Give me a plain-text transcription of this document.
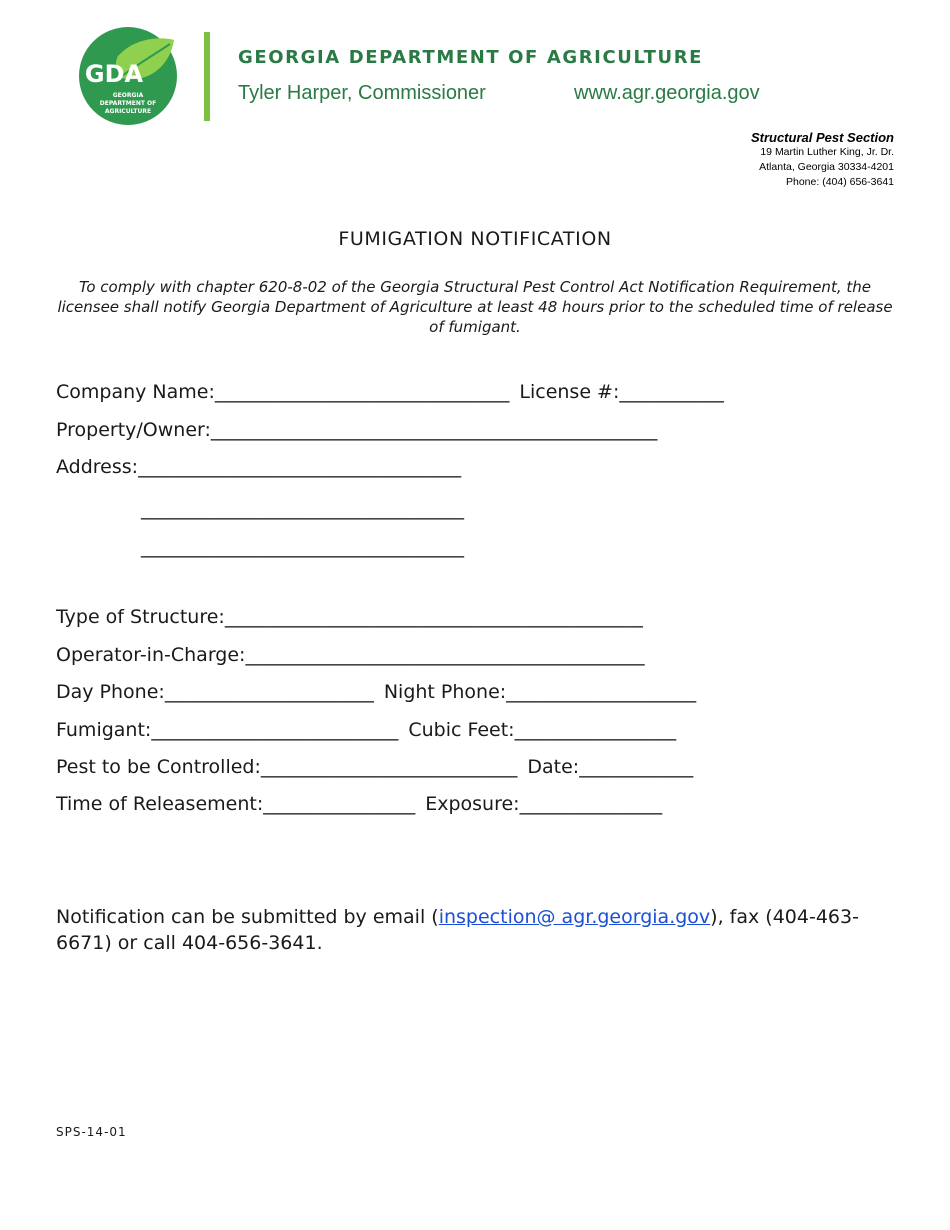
GDA
GEORGIA
DEPARTMENT OF
AGRICULTURE
GEORGIA DEPARTMENT OF AGRICULTURE
Tyler Harper, Commissioner	www.agr.georgia.gov
Structural Pest Section
19 Martin Luther King, Jr. Dr.
Atlanta, Georgia 30334-4201
Phone: (404) 656-3641
FUMIGATION NOTIFICATION
To comply with chapter 620-8-02 of the Georgia Structural Pest Control Act Notification Requirement, the licensee shall notify Georgia Department of Agriculture at least 48 hours prior to the scheduled time of release of fumigant.
Company Name:_______________________________ License #:___________
Property/Owner:_______________________________________________
Address:__________________________________
__________________________________
__________________________________
Type of Structure:____________________________________________
Operator-in-Charge:__________________________________________
Day Phone:______________________ Night Phone:____________________
Fumigant:__________________________ Cubic Feet:_________________
Pest to be Controlled:___________________________ Date:____________
Time of Releasement:________________ Exposure:_______________
Notification can be submitted by email (inspection@ agr.georgia.gov), fax (404-463-6671) or call 404-656-3641.
SPS-14-01
